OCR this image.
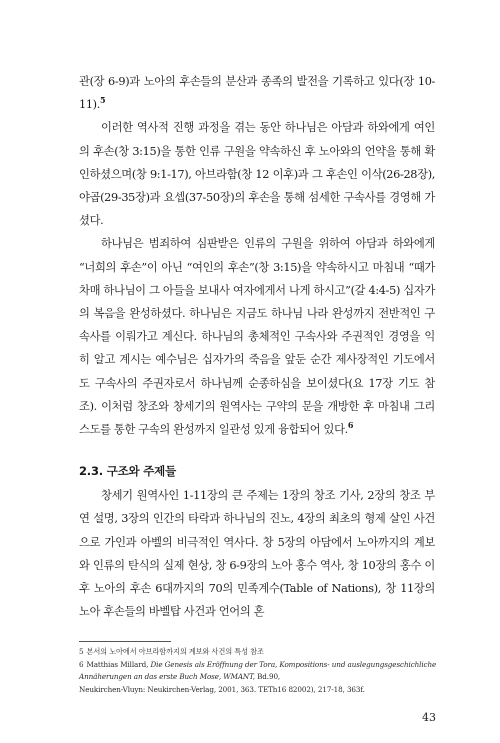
관(장 6-9)과 노아의 후손들의 분산과 종족의 발전을 기록하고 있다(장 10-11).$^5$

이러한 역사적 진행 과정을 겪는 동안 하나님은 아담과 하와에게 여인의 후손(창 3:15)을 통한 인류 구원을 약속하신 후 노아와의 언약을 통해 확인하셨으며(창 9:1-17), 아브라함(창 12 이후)과 그 후손인 이삭(26-28장), 야곱(29-35장)과 요셉(37-50장)의 후손을 통해 섬세한 구속사를 경영해 가셨다.

하나님은 범죄하여 심판받은 인류의 구원을 위하여 아담과 하와에게 “너희의 후손”이 아닌 “여인의 후손”(창 3:15)을 약속하시고 마침내 “때가 차매 하나님이 그 아들을 보내사 여자에게서 나게 하시고”(갈 4:4-5) 십자가의 복음을 완성하셨다. 하나님은 지금도 하나님 나라 완성까지 전반적인 구속사를 이뤄가고 계신다. 하나님의 총체적인 구속사와 주권적인 경영을 익히 알고 계시는 예수님은 십자가의 죽음을 앞둔 순간 제사장적인 기도에서도 구속사의 주권자로서 하나님께 순종하심을 보이셨다(요 17장 기도 참조). 이처럼 창조와 창세기의 원역사는 구약의 문을 개방한 후 마침내 그리스도를 통한 구속의 완성까지 일관성 있게 융합되어 있다.$^6$

2.3. 구조와 주제들

창세기 원역사인 1-11장의 큰 주제는 1장의 창조 기사, 2장의 창조 부연 설명, 3장의 인간의 타락과 하나님의 진노, 4장의 최초의 형제 살인 사건으로 가인과 아벨의 비극적인 역사다. 창 5장의 아담에서 노아까지의 계보와 인류의 탄식의 실제 현상, 창 6-9장의 노아 홍수 역사, 창 10장의 홍수 이후 노아의 후손 6대까지의 70의 민족계수(Table of Nations), 창 11장의 노아 후손들의 바벨탑 사건과 언어의 혼

5 본서의 노아에서 아브라함까지의 계보와 사건의 특성 참조

6 Matthias Millard, Die Genesis als Eröffnung der Tora, Kompositions- und auslegungsgeschichliche Annäherungen an das erste Buch Mose, WMANT, Bd.90,
Neukirchen-Vluyn: Neukirchen-Verlag, 2001, 363. TETh16 82002), 217-18, 363f.

43
